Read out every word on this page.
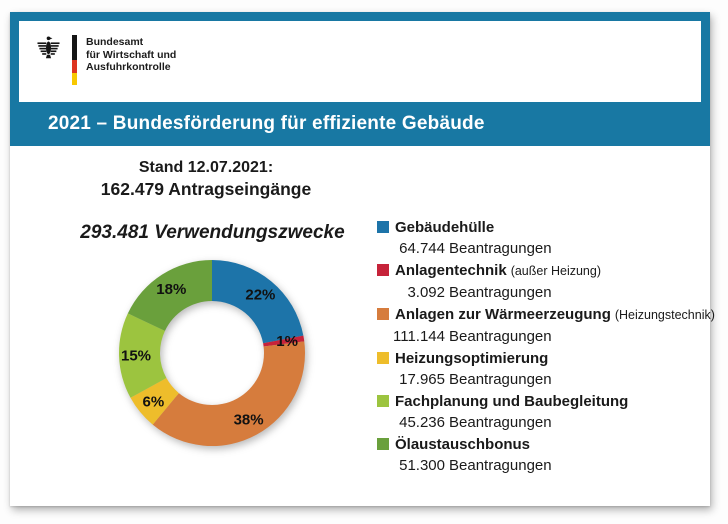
Bundesamt
für Wirtschaft und
Ausfuhrkontrolle
2021 – Bundesförderung für effiziente Gebäude
Stand 12.07.2021:
162.479 Antragseingänge
293.481 Verwendungszwecke
22%
1%
38%
6%
15%
18%
Gebäudehülle
64.744 Beantragungen
Anlagentechnik (außer Heizung)
3.092 Beantragungen
Anlagen zur Wärmeerzeugung (Heizungstechnik)
111.144 Beantragungen
Heizungsoptimierung
17.965 Beantragungen
Fachplanung und Baubegleitung
45.236 Beantragungen
Ölaustauschbonus
51.300 Beantragungen
